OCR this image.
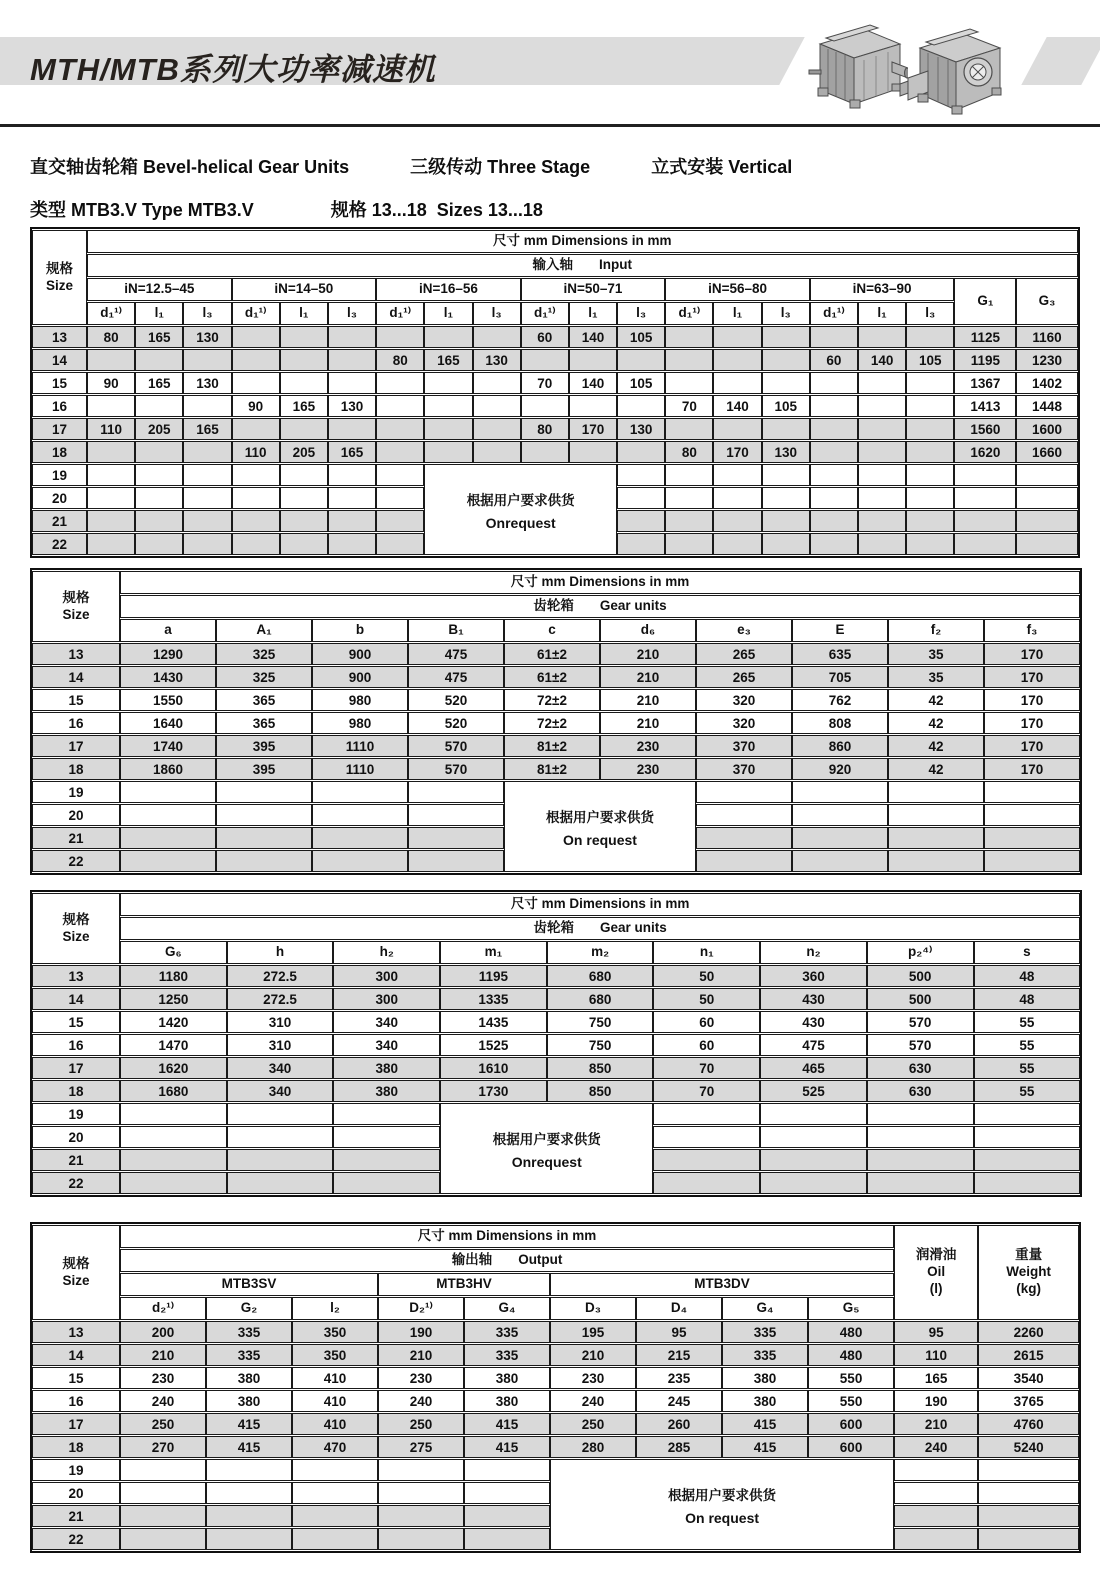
MTH/MTB系列大功率减速机
直交轴齿轮箱 Bevel-helical Gear Units	三级传动 Three Stage	立式安装 Vertical
类型 MTB3.V Type MTB3.V	规格 13...18 Sizes 13...18
规格
Size	尺寸 mm Dimensions in mm																			
	输入轴 Input																			
	iN=12.5–45			iN=14–50			iN=16–56			iN=50–71			iN=56–80			iN=63–90			G₁	G₃
	d₁¹⁾	l₁	l₃	d₁¹⁾	l₁	l₃	d₁¹⁾	l₁	l₃	d₁¹⁾	l₁	l₃	d₁¹⁾	l₁	l₃	d₁¹⁾	l₁	l₃		
13	80	165	130							60	140	105							1125	1160
14							80	165	130							60	140	105	1195	1230
15	90	165	130							70	140	105							1367	1402
16				90	165	130							70	140	105				1413	1448
17	110	205	165							80	170	130							1560	1600
18				110	205	165							80	170	130				1620	1660
19								根据用户要求供货
Onrequest												

20																				
21																				
22																				
规格
Size	尺寸 mm Dimensions in mm									
	齿轮箱 Gear units									
	a	A₁	b	B₁	c	d₆	e₃	E	f₂	f₃
13	1290	325	900	475	61±2	210	265	635	35	170
14	1430	325	900	475	61±2	210	265	705	35	170
15	1550	365	980	520	72±2	210	320	762	42	170
16	1640	365	980	520	72±2	210	320	808	42	170
17	1740	395	1110	570	81±2	230	370	860	42	170
18	1860	395	1110	570	81±2	230	370	920	42	170
19					根据用户要求供货
On request					

20										
21										
22										
规格
Size	尺寸 mm Dimensions in mm								
	齿轮箱 Gear units								
	G₆	h	h₂	m₁	m₂	n₁	n₂	p₂⁴⁾	s
13	1180	272.5	300	1195	680	50	360	500	48
14	1250	272.5	300	1335	680	50	430	500	48
15	1420	310	340	1435	750	60	430	570	55
16	1470	310	340	1525	750	60	475	570	55
17	1620	340	380	1610	850	70	465	630	55
18	1680	340	380	1730	850	70	525	630	55
19				根据用户要求供货
Onrequest					

20									
21									
22									
规格
Size
	尺寸 mm Dimensions in mm	
润滑油
Oil
(l)

重量
Weight
(kg)

	输出轴 Output										
	MTB3SV			MTB3HV		MTB3DV					
	d₂¹⁾	G₂	l₂	D₂¹⁾	G₄	D₃	D₄	G₄	G₅		
13	200	335	350	190	335	195	95	335	480	95	2260
14	210	335	350	210	335	210	215	335	480	110	2615
15	230	380	410	230	380	230	235	380	550	165	3540
16	240	380	410	240	380	240	245	380	550	190	3765
17	250	415	410	250	415	250	260	415	600	210	4760
18	270	415	470	275	415	280	285	415	600	240	5240
19						根据用户要求供货
On request					

20											
21											
22											
